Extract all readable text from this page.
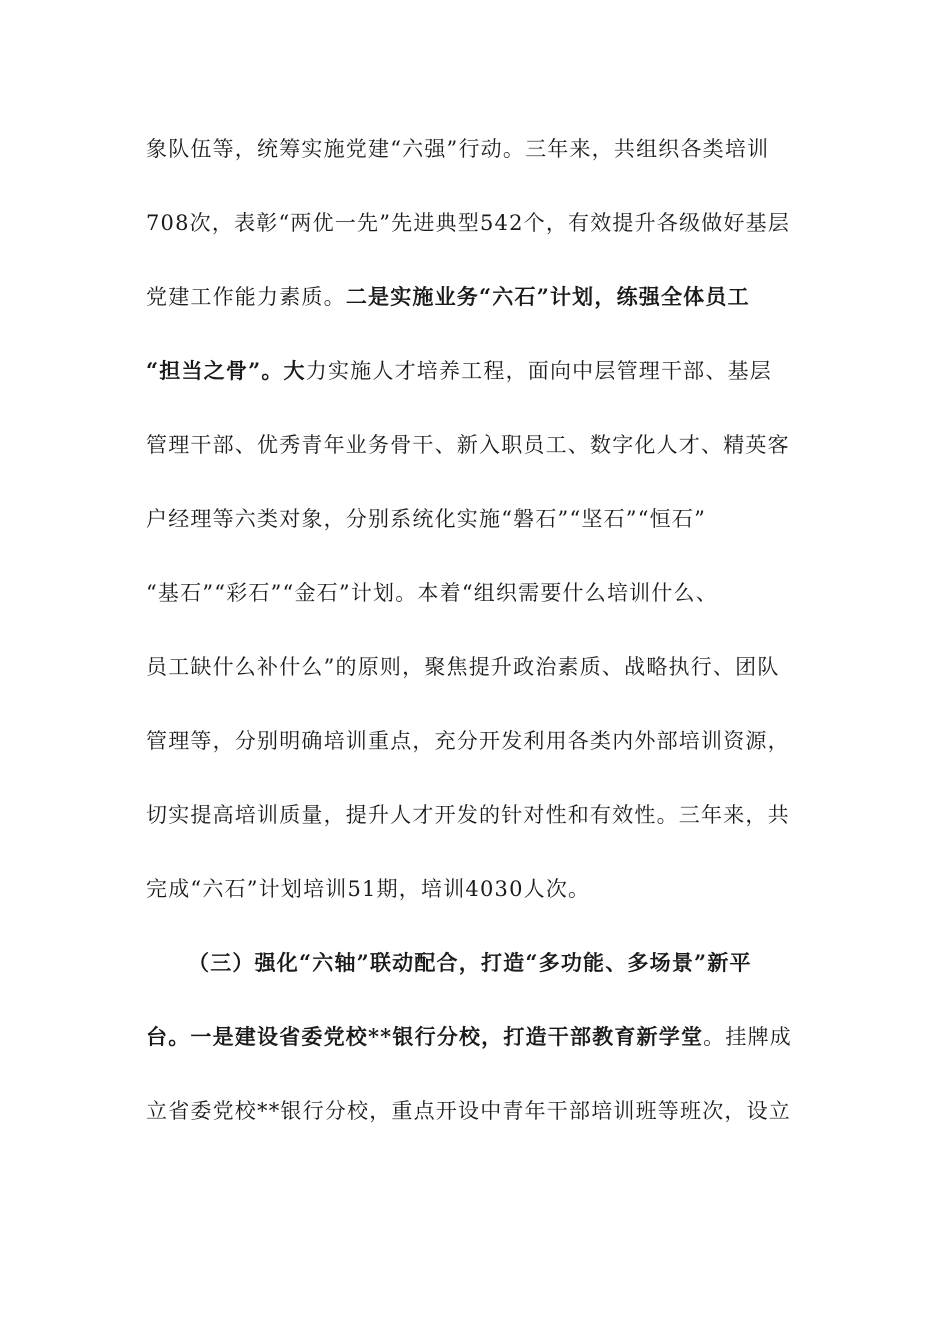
象队伍等，统筹实施党建“六强”行动。三年来，共组织各类培训
708次，表彰“两优一先”先进典型542个，有效提升各级做好基层
党建工作能力素质。二是实施业务“六石”计划，练强全体员工
“担当之骨”。大力实施人才培养工程，面向中层管理干部、基层
管理干部、优秀青年业务骨干、新入职员工、数字化人才、精英客
户经理等六类对象，分别系统化实施“磐石”“坚石”“恒石”
“基石”“彩石”“金石”计划。本着“组织需要什么培训什么、
员工缺什么补什么”的原则，聚焦提升政治素质、战略执行、团队
管理等，分别明确培训重点，充分开发利用各类内外部培训资源，
切实提高培训质量，提升人才开发的针对性和有效性。三年来，共
完成“六石”计划培训51期，培训4030人次。
（三）强化“六轴”联动配合，打造“多功能、多场景”新平
台。一是建设省委党校**银行分校，打造干部教育新学堂。挂牌成
立省委党校**银行分校，重点开设中青年干部培训班等班次，设立
